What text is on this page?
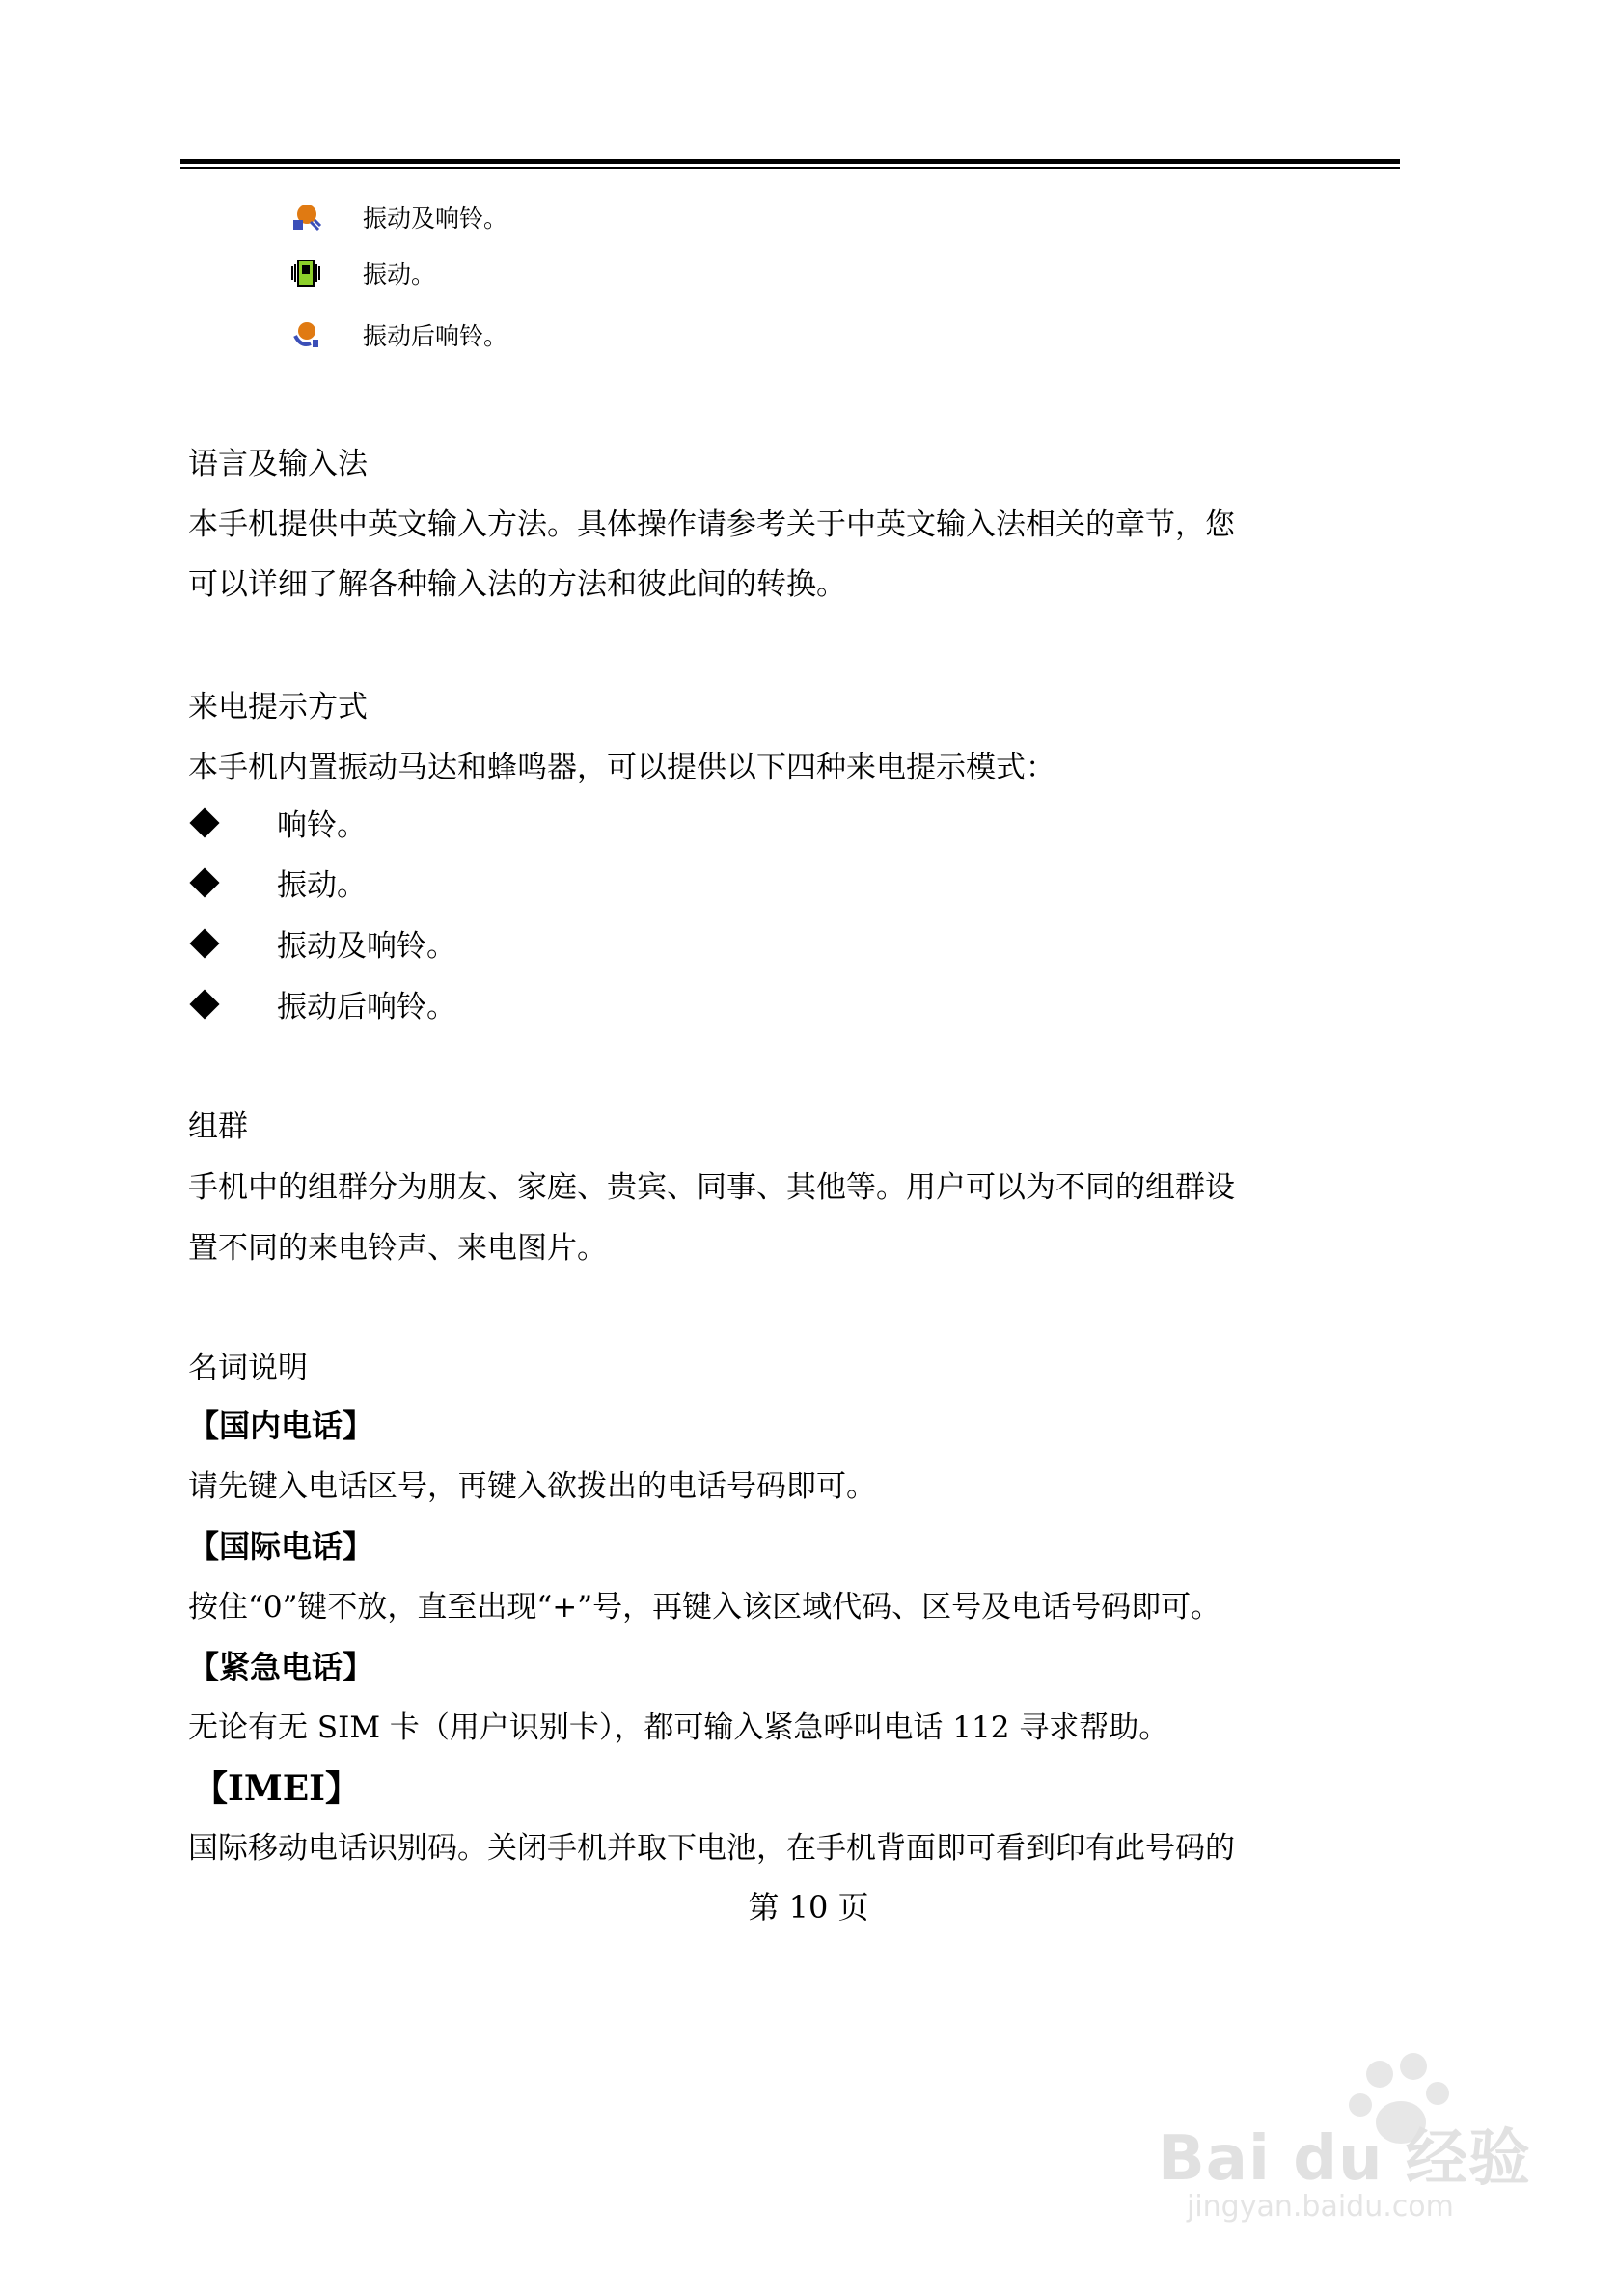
振动及响铃。
振动。
振动后响铃。
语言及输入法
本手机提供中英文输入方法。具体操作请参考关于中英文输入法相关的章节，您
可以详细了解各种输入法的方法和彼此间的转换。
来电提示方式
本手机内置振动马达和蜂鸣器，可以提供以下四种来电提示模式：
响铃。
振动。
振动及响铃。
振动后响铃。
组群
手机中的组群分为朋友、家庭、贵宾、同事、其他等。用户可以为不同的组群设
置不同的来电铃声、来电图片。
名词说明
【国内电话】
请先键入电话区号，再键入欲拨出的电话号码即可。
【国际电话】
按住“0”键不放，直至出现“+”号，再键入该区域代码、区号及电话号码即可。
【紧急电话】
无论有无 SIM 卡（用户识别卡），都可输入紧急呼叫电话 112 寻求帮助。
【IMEI】
国际移动电话识别码。关闭手机并取下电池，在手机背面即可看到印有此号码的
第 10 页
Bai du 经验
jingyan.baidu.com
